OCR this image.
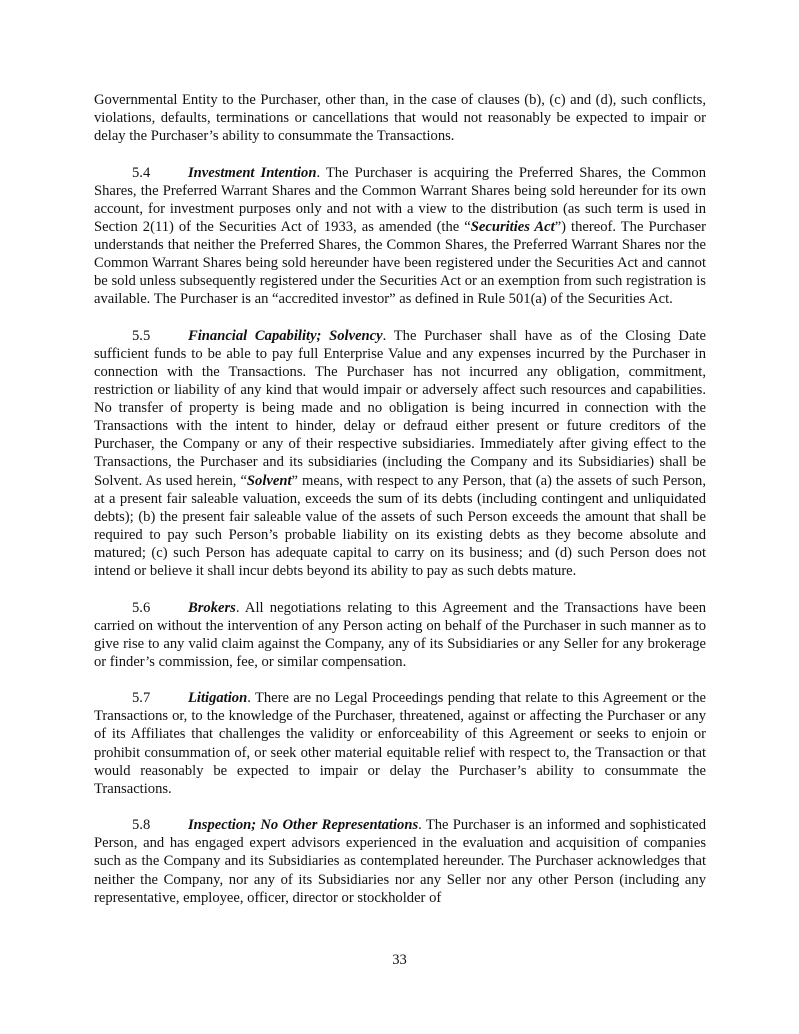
Governmental Entity to the Purchaser, other than, in the case of clauses (b), (c) and (d), such conflicts, violations, defaults, terminations or cancellations that would not reasonably be expected to impair or delay the Purchaser’s ability to consummate the Transactions.

5.4	Investment Intention. The Purchaser is acquiring the Preferred Shares, the Common Shares, the Preferred Warrant Shares and the Common Warrant Shares being sold hereunder for its own account, for investment purposes only and not with a view to the distribution (as such term is used in Section 2(11) of the Securities Act of 1933, as amended (the “Securities Act”) thereof. The Purchaser understands that neither the Preferred Shares, the Common Shares, the Preferred Warrant Shares nor the Common Warrant Shares being sold hereunder have been registered under the Securities Act and cannot be sold unless subsequently registered under the Securities Act or an exemption from such registration is available. The Purchaser is an “accredited investor” as defined in Rule 501(a) of the Securities Act.

5.5	Financial Capability; Solvency. The Purchaser shall have as of the Closing Date sufficient funds to be able to pay full Enterprise Value and any expenses incurred by the Purchaser in connection with the Transactions. The Purchaser has not incurred any obligation, commitment, restriction or liability of any kind that would impair or adversely affect such resources and capabilities. No transfer of property is being made and no obligation is being incurred in connection with the Transactions with the intent to hinder, delay or defraud either present or future creditors of the Purchaser, the Company or any of their respective subsidiaries. Immediately after giving effect to the Transactions, the Purchaser and its subsidiaries (including the Company and its Subsidiaries) shall be Solvent. As used herein, “Solvent” means, with respect to any Person, that (a) the assets of such Person, at a present fair saleable valuation, exceeds the sum of its debts (including contingent and unliquidated debts); (b) the present fair saleable value of the assets of such Person exceeds the amount that shall be required to pay such Person’s probable liability on its existing debts as they become absolute and matured; (c) such Person has adequate capital to carry on its business; and (d) such Person does not intend or believe it shall incur debts beyond its ability to pay as such debts mature.

5.6	Brokers. All negotiations relating to this Agreement and the Transactions have been carried on without the intervention of any Person acting on behalf of the Purchaser in such manner as to give rise to any valid claim against the Company, any of its Subsidiaries or any Seller for any brokerage or finder’s commission, fee, or similar compensation.

5.7	Litigation. There are no Legal Proceedings pending that relate to this Agreement or the Transactions or, to the knowledge of the Purchaser, threatened, against or affecting the Purchaser or any of its Affiliates that challenges the validity or enforceability of this Agreement or seeks to enjoin or prohibit consummation of, or seek other material equitable relief with respect to, the Transaction or that would reasonably be expected to impair or delay the Purchaser’s ability to consummate the Transactions.

5.8	Inspection; No Other Representations. The Purchaser is an informed and sophisticated Person, and has engaged expert advisors experienced in the evaluation and acquisition of companies such as the Company and its Subsidiaries as contemplated hereunder. The Purchaser acknowledges that neither the Company, nor any of its Subsidiaries nor any Seller nor any other Person (including any representative, employee, officer, director or stockholder of

33
